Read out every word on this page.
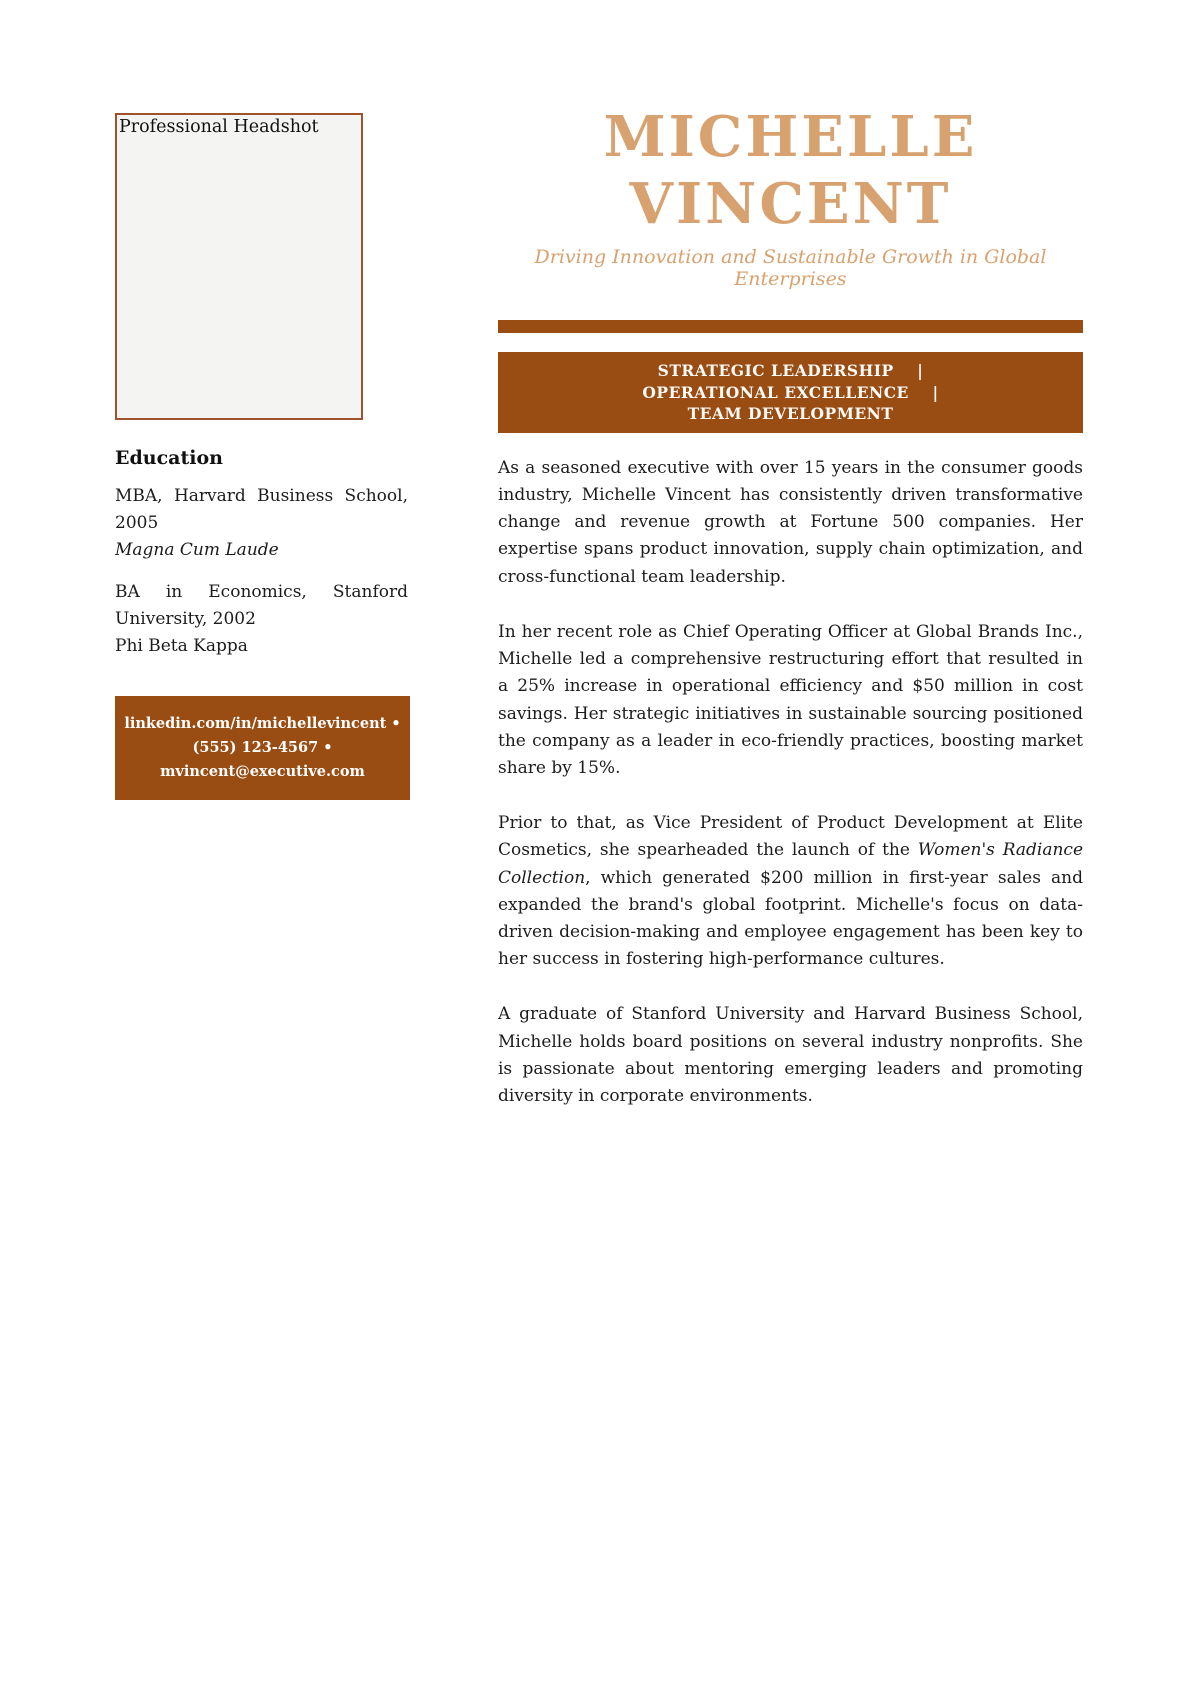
Professional Headshot
Education

MBA, Harvard Business School, 2005
Magna Cum Laude

BA in Economics, Stanford University, 2002
Phi Beta Kappa

linkedin.com/in/michellevincent • (555) 123-4567 • mvincent@executive.com
MICHELLE
VINCENT
Driving Innovation and Sustainable Growth in Global Enterprises
STRATEGIC LEADERSHIP    |
OPERATIONAL EXCELLENCE    |
TEAM DEVELOPMENT

As a seasoned executive with over 15 years in the consumer goods industry, Michelle Vincent has consistently driven transformative change and revenue growth at Fortune 500 companies. Her expertise spans product innovation, supply chain optimization, and cross-functional team leadership.

In her recent role as Chief Operating Officer at Global Brands Inc., Michelle led a comprehensive restructuring effort that resulted in a 25% increase in operational efficiency and $50 million in cost savings. Her strategic initiatives in sustainable sourcing positioned the company as a leader in eco-friendly practices, boosting market share by 15%.

Prior to that, as Vice President of Product Development at Elite Cosmetics, she spearheaded the launch of the Women's Radiance Collection, which generated $200 million in first-year sales and expanded the brand's global footprint. Michelle's focus on data-driven decision-making and employee engagement has been key to her success in fostering high-performance cultures.

A graduate of Stanford University and Harvard Business School, Michelle holds board positions on several industry nonprofits. She is passionate about mentoring emerging leaders and promoting diversity in corporate environments.
